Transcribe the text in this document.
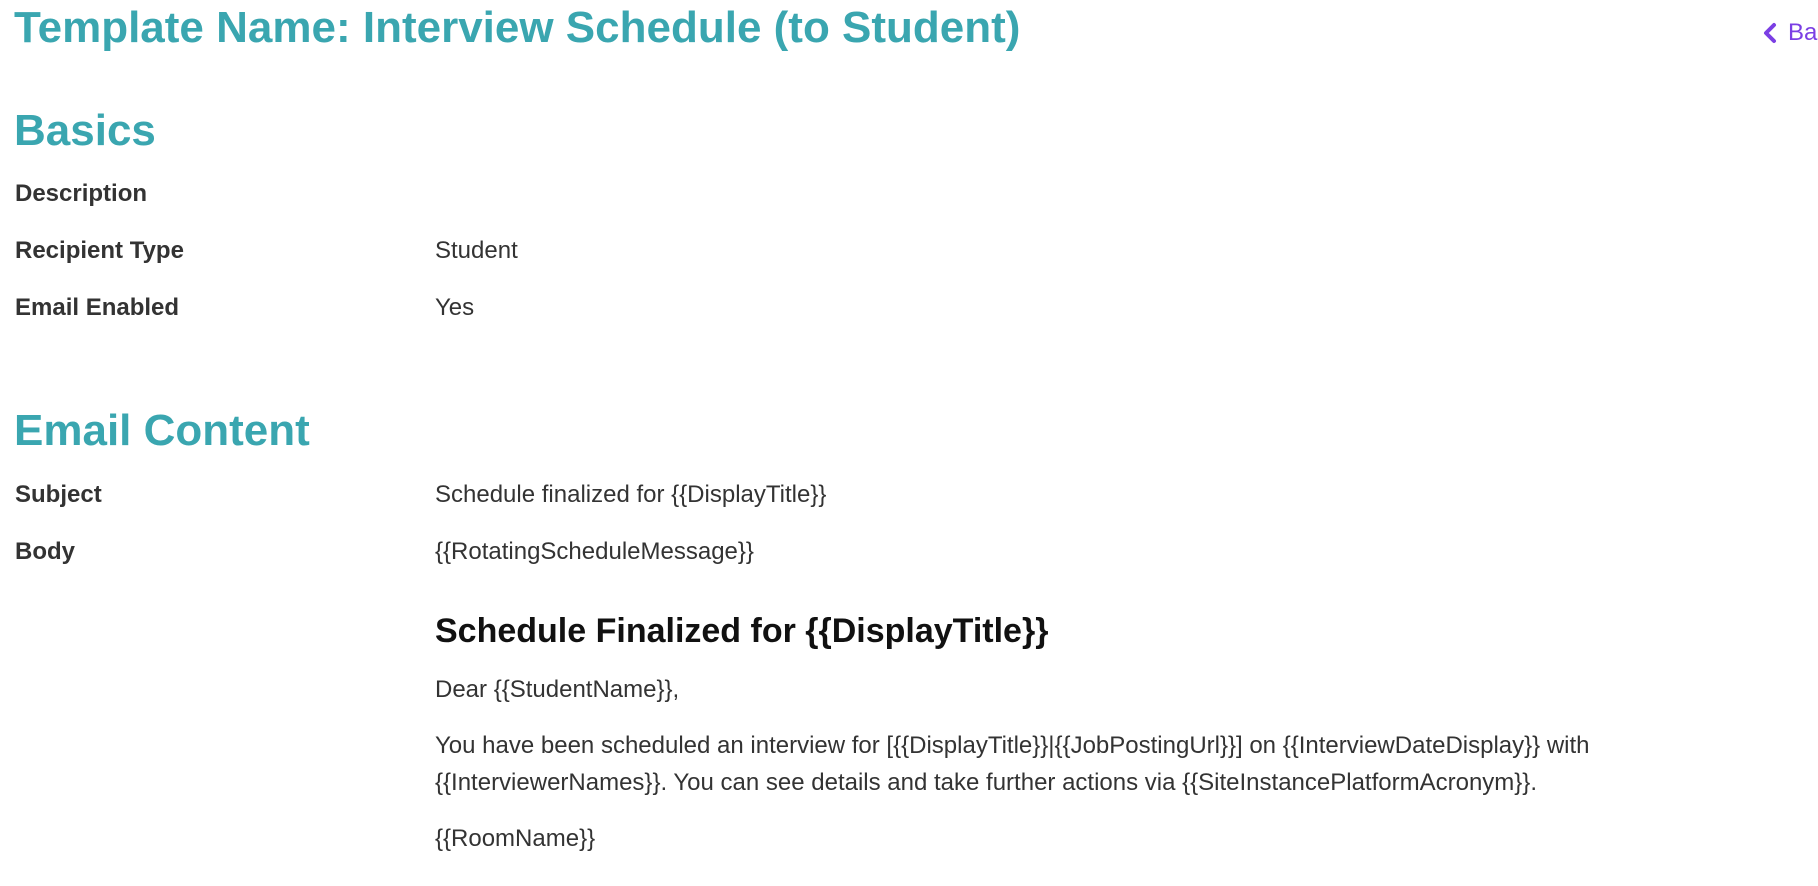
Template Name: Interview Schedule (to Student)	Ba
Basics
Description
Recipient Type	Student
Email Enabled	Yes
Email Content
Subject	Schedule finalized for {{DisplayTitle}}
Body	{{RotatingScheduleMessage}}
Schedule Finalized for {{DisplayTitle}}

Dear {{StudentName}},

You have been scheduled an interview for [{{DisplayTitle}}|{{JobPostingUrl}}] on {{InterviewDateDisplay}} with {{InterviewerNames}}. You can see details and take further actions via {{SiteInstancePlatformAcronym}}.

{{RoomName}}
